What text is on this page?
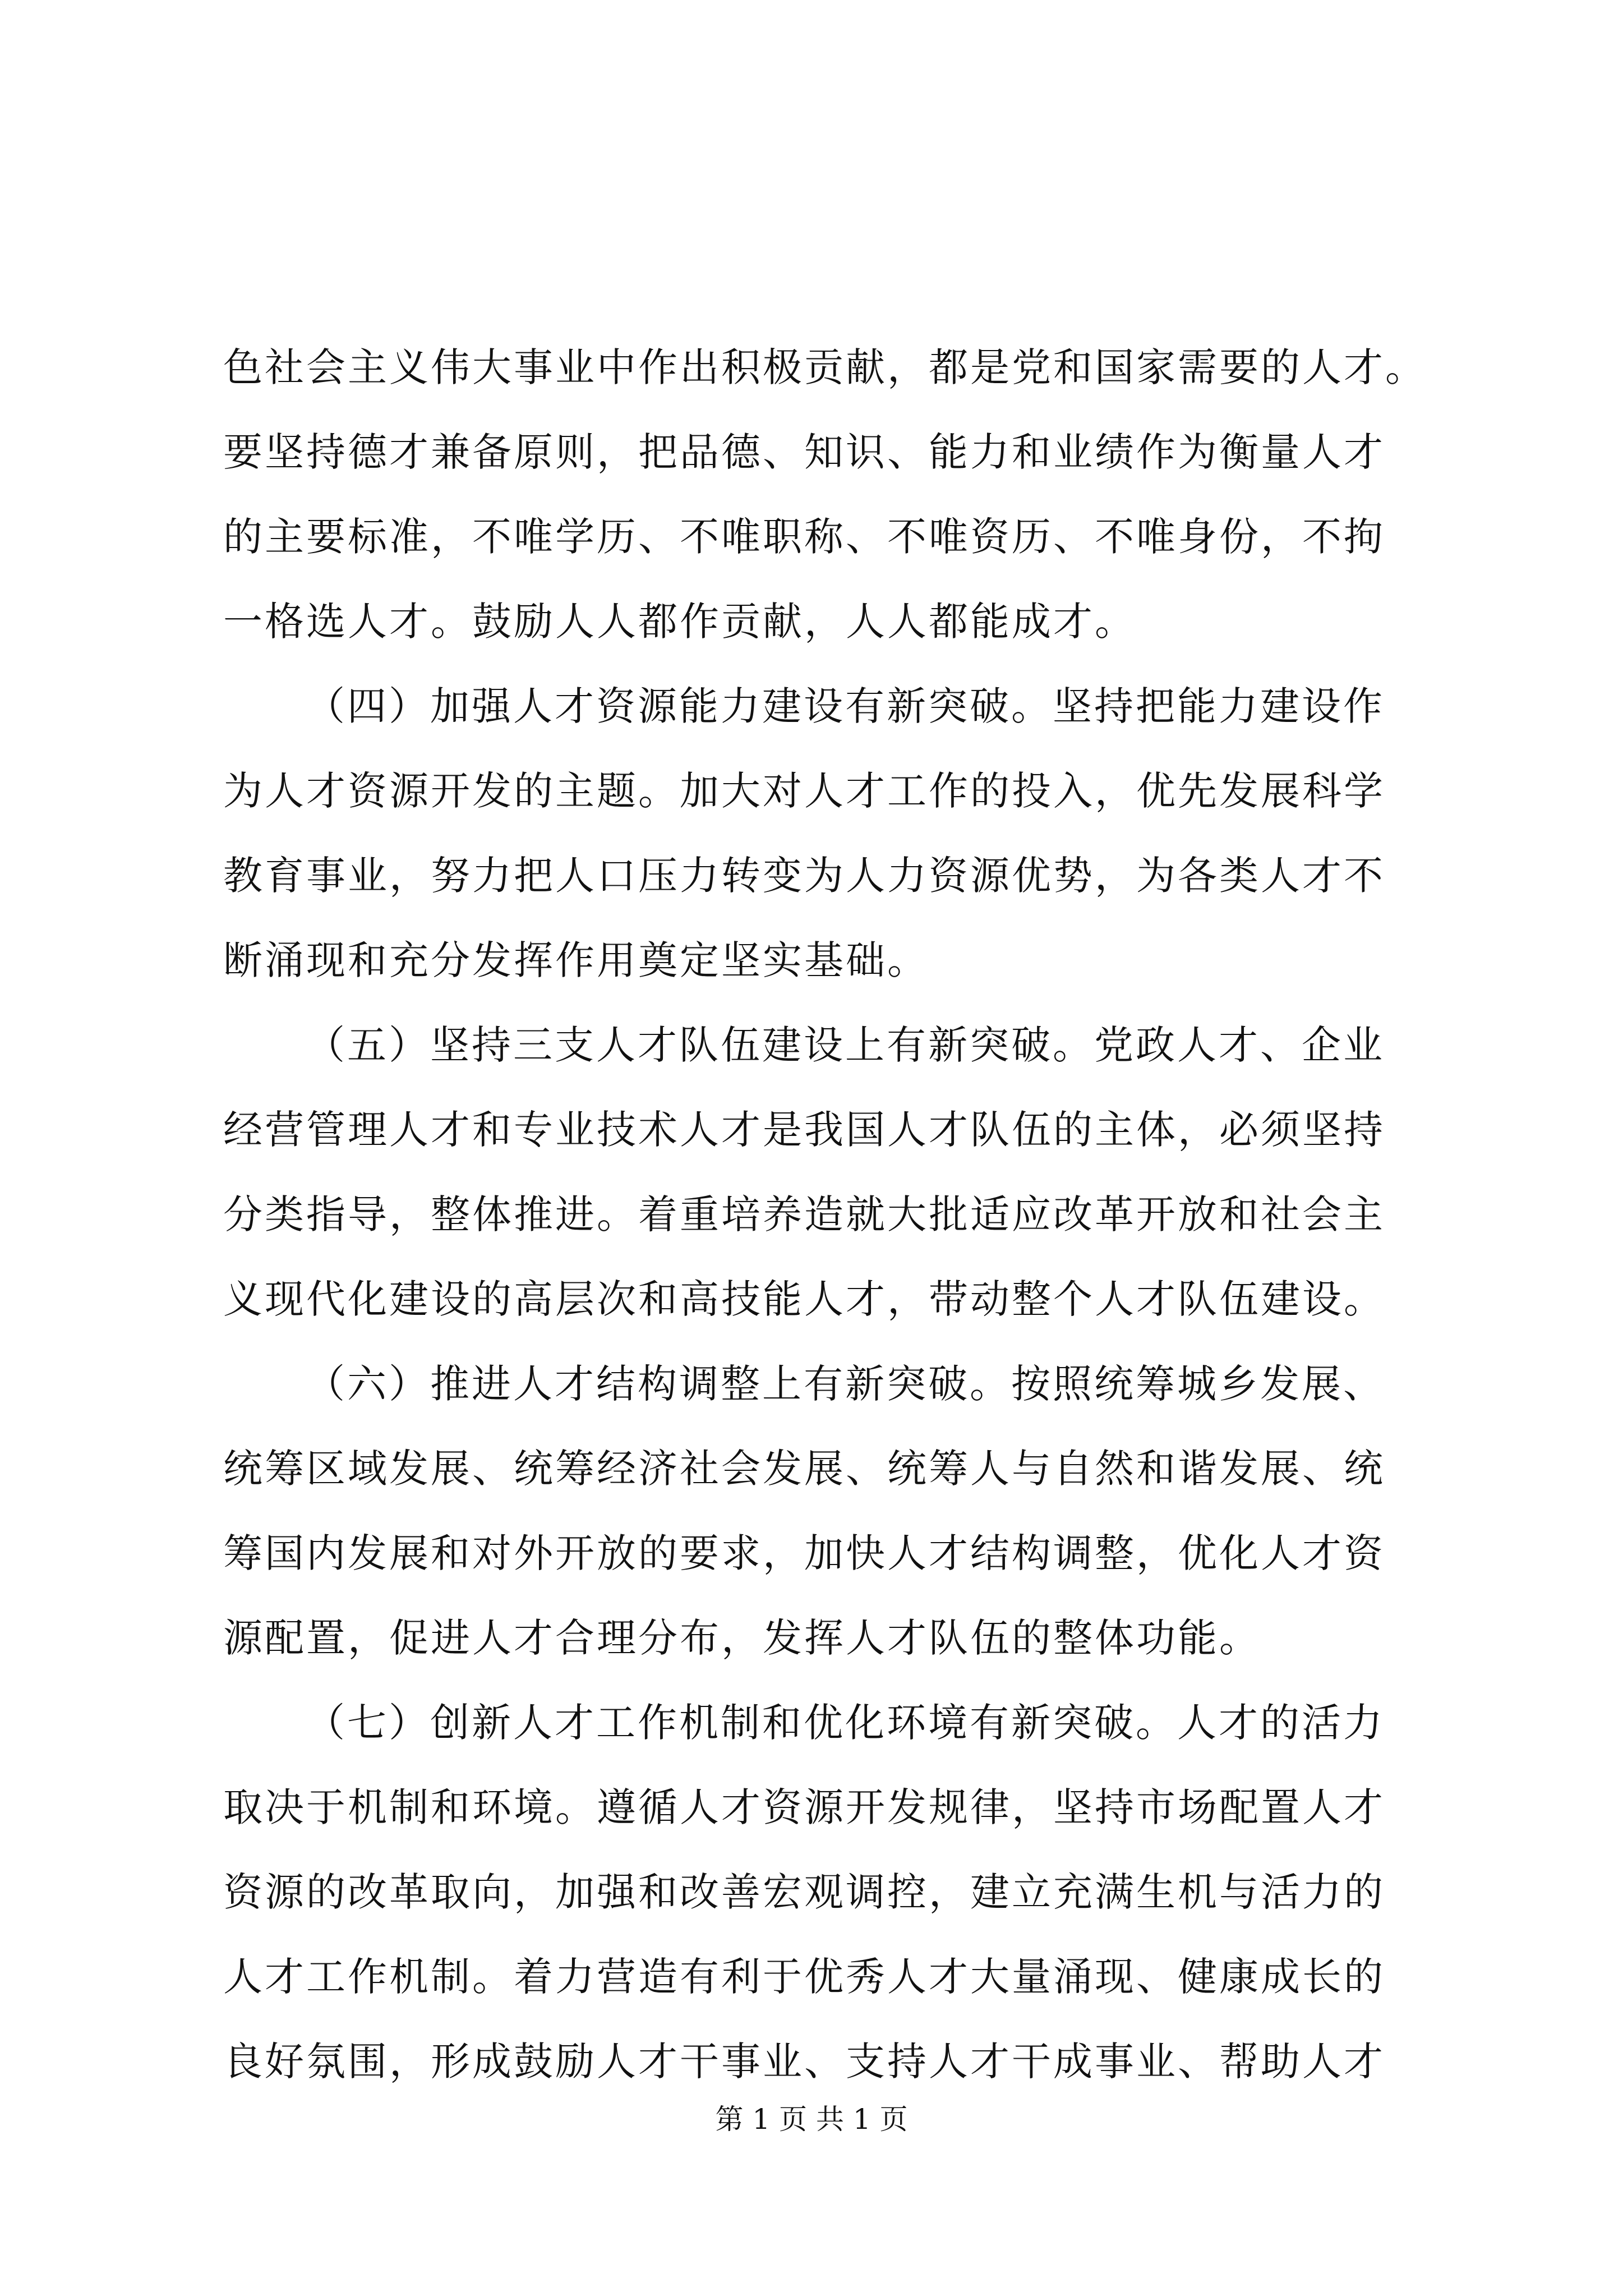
色社会主义伟大事业中作出积极贡献，都是党和国家需要的人才。
要坚持德才兼备原则，把品德、知识、能力和业绩作为衡量人才
的主要标准，不唯学历、不唯职称、不唯资历、不唯身份，不拘
一格选人才。鼓励人人都作贡献，人人都能成才。
（四）加强人才资源能力建设有新突破。坚持把能力建设作
为人才资源开发的主题。加大对人才工作的投入，优先发展科学
教育事业，努力把人口压力转变为人力资源优势，为各类人才不
断涌现和充分发挥作用奠定坚实基础。
（五）坚持三支人才队伍建设上有新突破。党政人才、企业
经营管理人才和专业技术人才是我国人才队伍的主体，必须坚持
分类指导，整体推进。着重培养造就大批适应改革开放和社会主
义现代化建设的高层次和高技能人才，带动整个人才队伍建设。
（六）推进人才结构调整上有新突破。按照统筹城乡发展、
统筹区域发展、统筹经济社会发展、统筹人与自然和谐发展、统
筹国内发展和对外开放的要求，加快人才结构调整，优化人才资
源配置，促进人才合理分布，发挥人才队伍的整体功能。
（七）创新人才工作机制和优化环境有新突破。人才的活力
取决于机制和环境。遵循人才资源开发规律，坚持市场配置人才
资源的改革取向，加强和改善宏观调控，建立充满生机与活力的
人才工作机制。着力营造有利于优秀人才大量涌现、健康成长的
良好氛围，形成鼓励人才干事业、支持人才干成事业、帮助人才
第 1 页 共 1 页
